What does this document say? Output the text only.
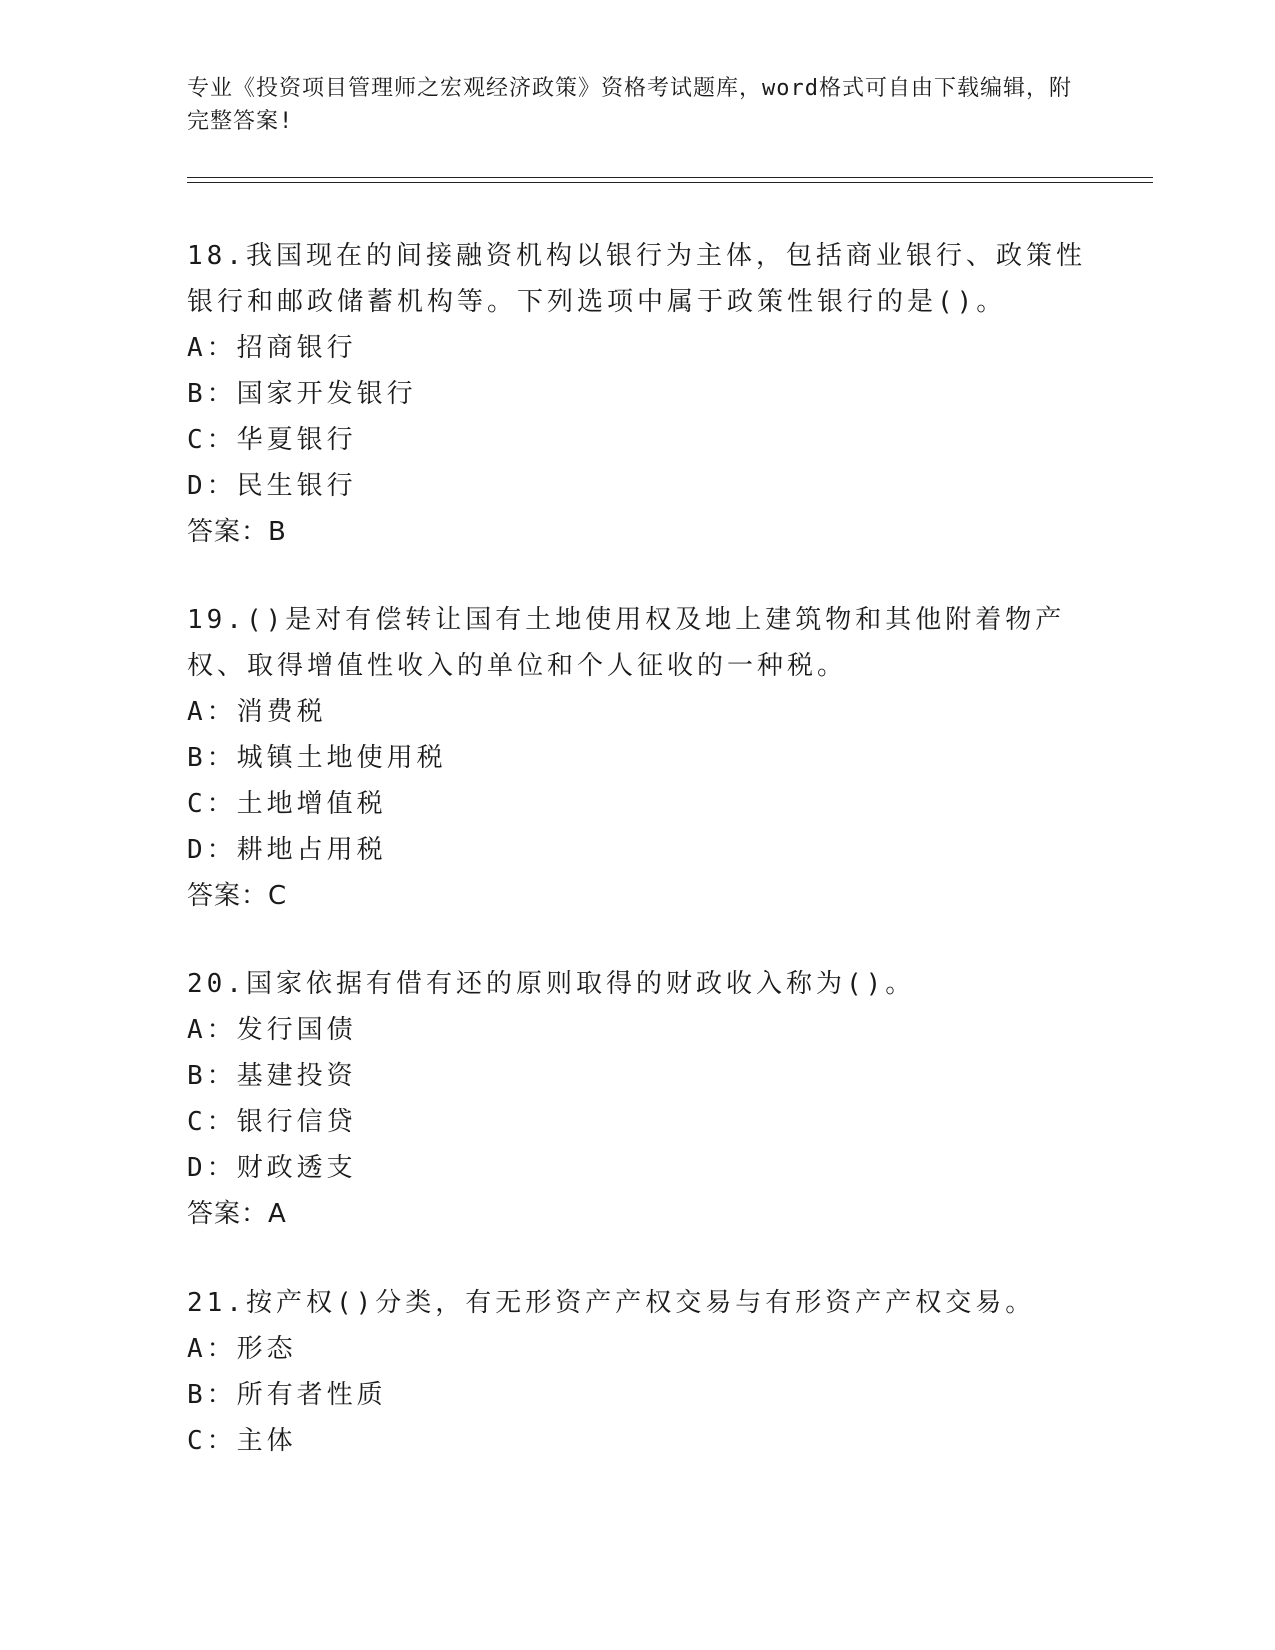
专业《投资项目管理师之宏观经济政策》资格考试题库，word格式可自由下载编辑，附完整答案!

18.我国现在的间接融资机构以银行为主体，包括商业银行、政策性银行和邮政储蓄机构等。下列选项中属于政策性银行的是()。

A：招商银行

B：国家开发银行

C：华夏银行

D：民生银行

答案：B

19.()是对有偿转让国有土地使用权及地上建筑物和其他附着物产权、取得增值性收入的单位和个人征收的一种税。

A：消费税

B：城镇土地使用税

C：土地增值税

D：耕地占用税

答案：C

20.国家依据有借有还的原则取得的财政收入称为()。

A：发行国债

B：基建投资

C：银行信贷

D：财政透支

答案：A

21.按产权()分类，有无形资产产权交易与有形资产产权交易。

A：形态

B：所有者性质

C：主体
